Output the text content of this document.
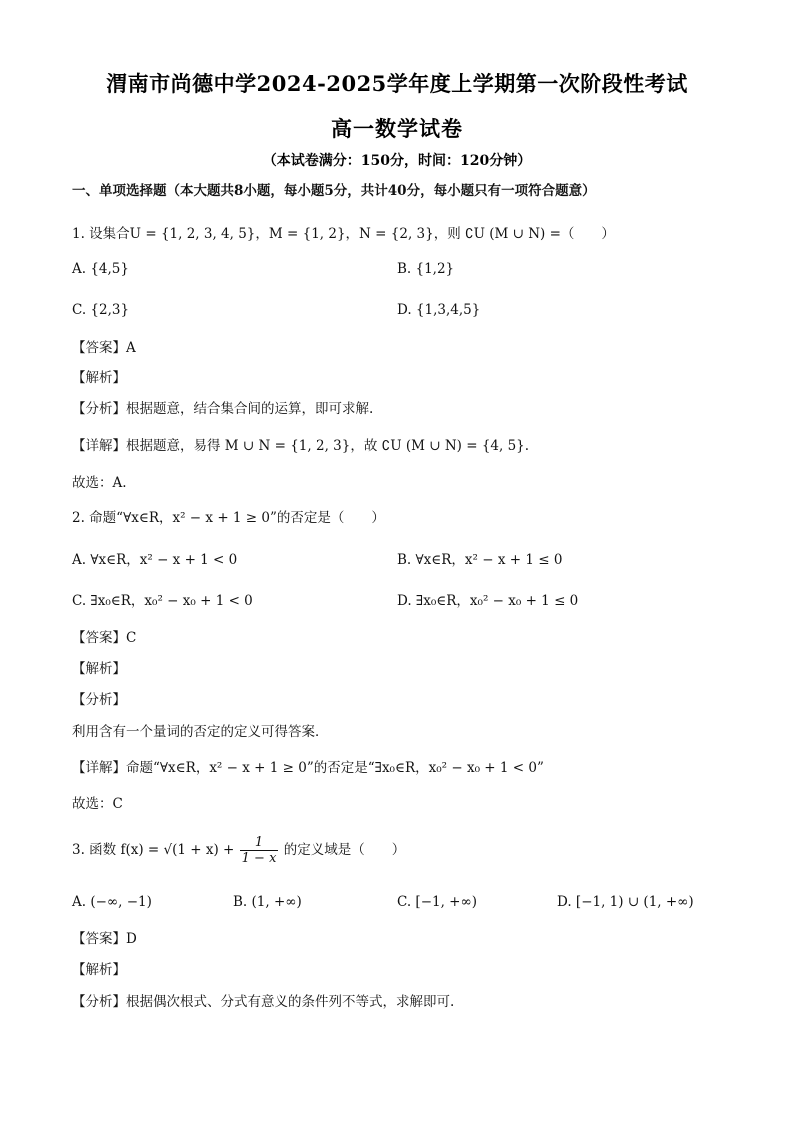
渭南市尚德中学2024-2025学年度上学期第一次阶段性考试
高一数学试卷
（本试卷满分：150分，时间：120分钟）
一、单项选择题（本大题共8小题，每小题5分，共计40分，每小题只有一项符合题意）
1. 设集合U = {1, 2, 3, 4, 5}，M = {1, 2}，N = {2, 3}，则 ∁U (M ∪ N) =（　　）
A. {4,5}	B. {1,2}
C. {2,3}	D. {1,3,4,5}
【答案】A
【解析】
【分析】根据题意，结合集合间的运算，即可求解.
【详解】根据题意，易得 M ∪ N = {1, 2, 3}，故 ∁U (M ∪ N) = {4, 5}.
故选：A.
2. 命题“∀x∈R，x² − x + 1 ≥ 0”的否定是（　　）
A. ∀x∈R，x² − x + 1 < 0	B. ∀x∈R，x² − x + 1 ≤ 0
C. ∃x₀∈R，x₀² − x₀ + 1 < 0	D. ∃x₀∈R，x₀² − x₀ + 1 ≤ 0
【答案】C
【解析】
【分析】
利用含有一个量词的否定的定义可得答案．
【详解】命题“∀x∈R，x² − x + 1 ≥ 0”的否定是“∃x₀∈R，x₀² − x₀ + 1 < 0”
故选：C
3. 函数 $f(x) = √(1 + x) + \frac{1}{1 - x}$ 的定义域是（　　）
A. (−∞, −1)	B. (1, +∞)	C. [−1, +∞)	D. [−1, 1) ∪ (1, +∞)
【答案】D
【解析】
【分析】根据偶次根式、分式有意义的条件列不等式，求解即可.
